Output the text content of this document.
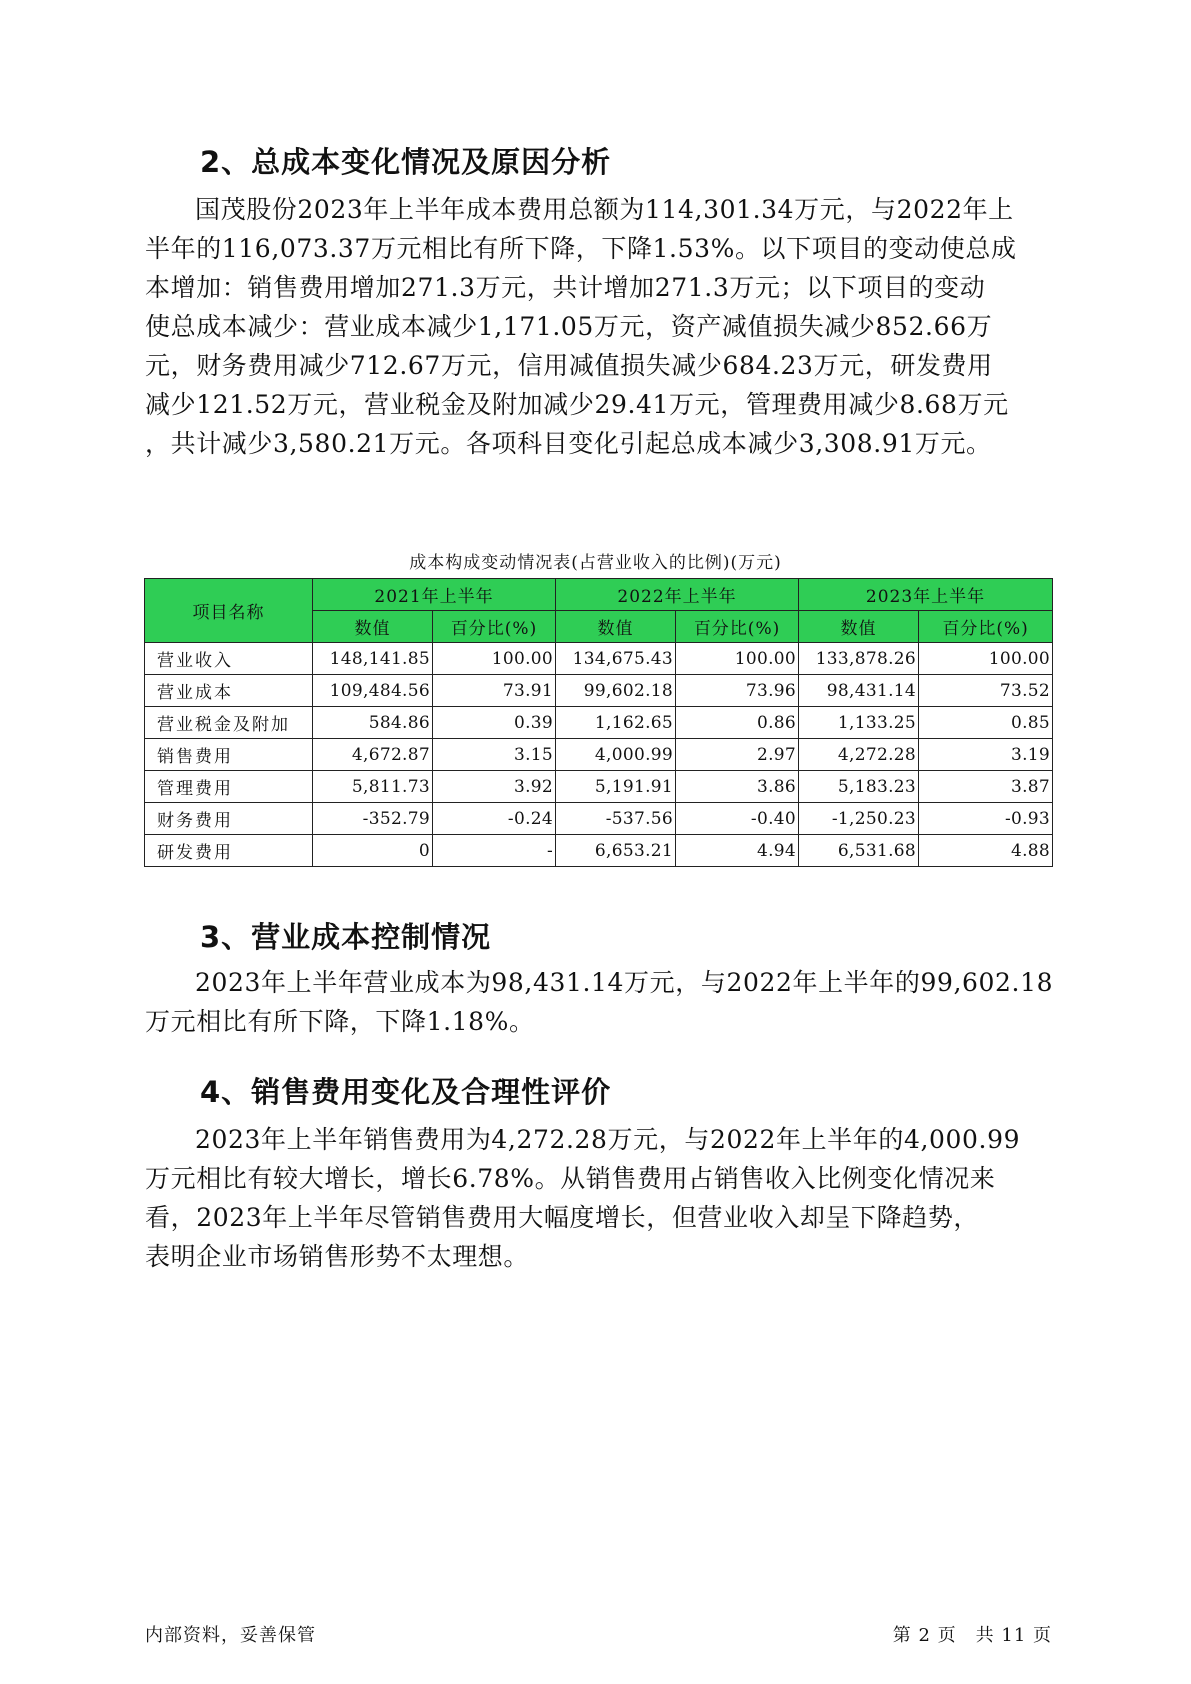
2、总成本变化情况及原因分析
国茂股份2023年上半年成本费用总额为114,301.34万元，与2022年上
半年的116,073.37万元相比有所下降，下降1.53%。以下项目的变动使总成
本增加：销售费用增加271.3万元，共计增加271.3万元；以下项目的变动
使总成本减少：营业成本减少1,171.05万元，资产减值损失减少852.66万
元，财务费用减少712.67万元，信用减值损失减少684.23万元，研发费用
减少121.52万元，营业税金及附加减少29.41万元，管理费用减少8.68万元
，共计减少3,580.21万元。各项科目变化引起总成本减少3,308.91万元。
成本构成变动情况表(占营业收入的比例)(万元)
项目名称	2021年上半年		2022年上半年		2023年上半年	
	数值	百分比(%)	数值	百分比(%)	数值	百分比(%)
营业收入	148,141.85	100.00	134,675.43	100.00	133,878.26	100.00
营业成本	109,484.56	73.91	99,602.18	73.96	98,431.14	73.52
营业税金及附加	584.86	0.39	1,162.65	0.86	1,133.25	0.85
销售费用	4,672.87	3.15	4,000.99	2.97	4,272.28	3.19
管理费用	5,811.73	3.92	5,191.91	3.86	5,183.23	3.87
财务费用	-352.79	-0.24	-537.56	-0.40	-1,250.23	-0.93
研发费用	0	-	6,653.21	4.94	6,531.68	4.88
3、营业成本控制情况
2023年上半年营业成本为98,431.14万元，与2022年上半年的99,602.18
万元相比有所下降，下降1.18%。
4、销售费用变化及合理性评价
2023年上半年销售费用为4,272.28万元，与2022年上半年的4,000.99
万元相比有较大增长，增长6.78%。从销售费用占销售收入比例变化情况来
看，2023年上半年尽管销售费用大幅度增长，但营业收入却呈下降趋势，
表明企业市场销售形势不太理想。
内部资料，妥善保管	第 2 页　共 11 页
